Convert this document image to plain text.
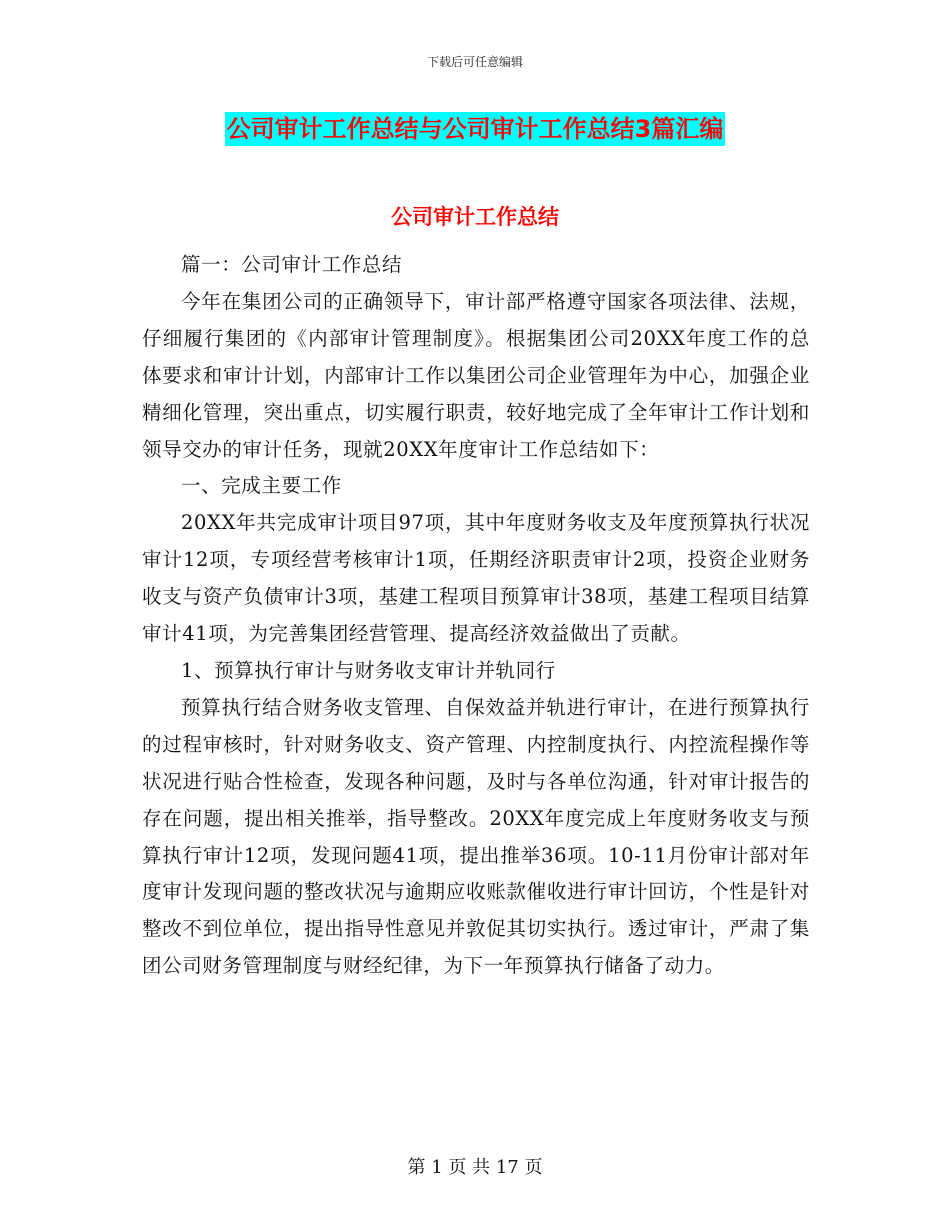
下载后可任意编辑
公司审计工作总结与公司审计工作总结3篇汇编
公司审计工作总结

篇一：公司审计工作总结

今年在集团公司的正确领导下，审计部严格遵守国家各项法律、法规，仔细履行集团的《内部审计管理制度》。根据集团公司20XX年度工作的总体要求和审计计划，内部审计工作以集团公司企业管理年为中心，加强企业精细化管理，突出重点，切实履行职责，较好地完成了全年审计工作计划和领导交办的审计任务，现就20XX年度审计工作总结如下：

一、完成主要工作

20XX年共完成审计项目97项，其中年度财务收支及年度预算执行状况审计12项，专项经营考核审计1项，任期经济职责审计2项，投资企业财务收支与资产负债审计3项，基建工程项目预算审计38项，基建工程项目结算审计41项，为完善集团经营管理、提高经济效益做出了贡献。

1、预算执行审计与财务收支审计并轨同行

预算执行结合财务收支管理、自保效益并轨进行审计，在进行预算执行的过程审核时，针对财务收支、资产管理、内控制度执行、内控流程操作等状况进行贴合性检查，发现各种问题，及时与各单位沟通，针对审计报告的存在问题，提出相关推举，指导整改。20XX年度完成上年度财务收支与预算执行审计12项，发现问题41项，提出推举36项。10-11月份审计部对年度审计发现问题的整改状况与逾期应收账款催收进行审计回访，个性是针对整改不到位单位，提出指导性意见并敦促其切实执行。透过审计，严肃了集团公司财务管理制度与财经纪律，为下一年预算执行储备了动力。

第 1 页 共 17 页
